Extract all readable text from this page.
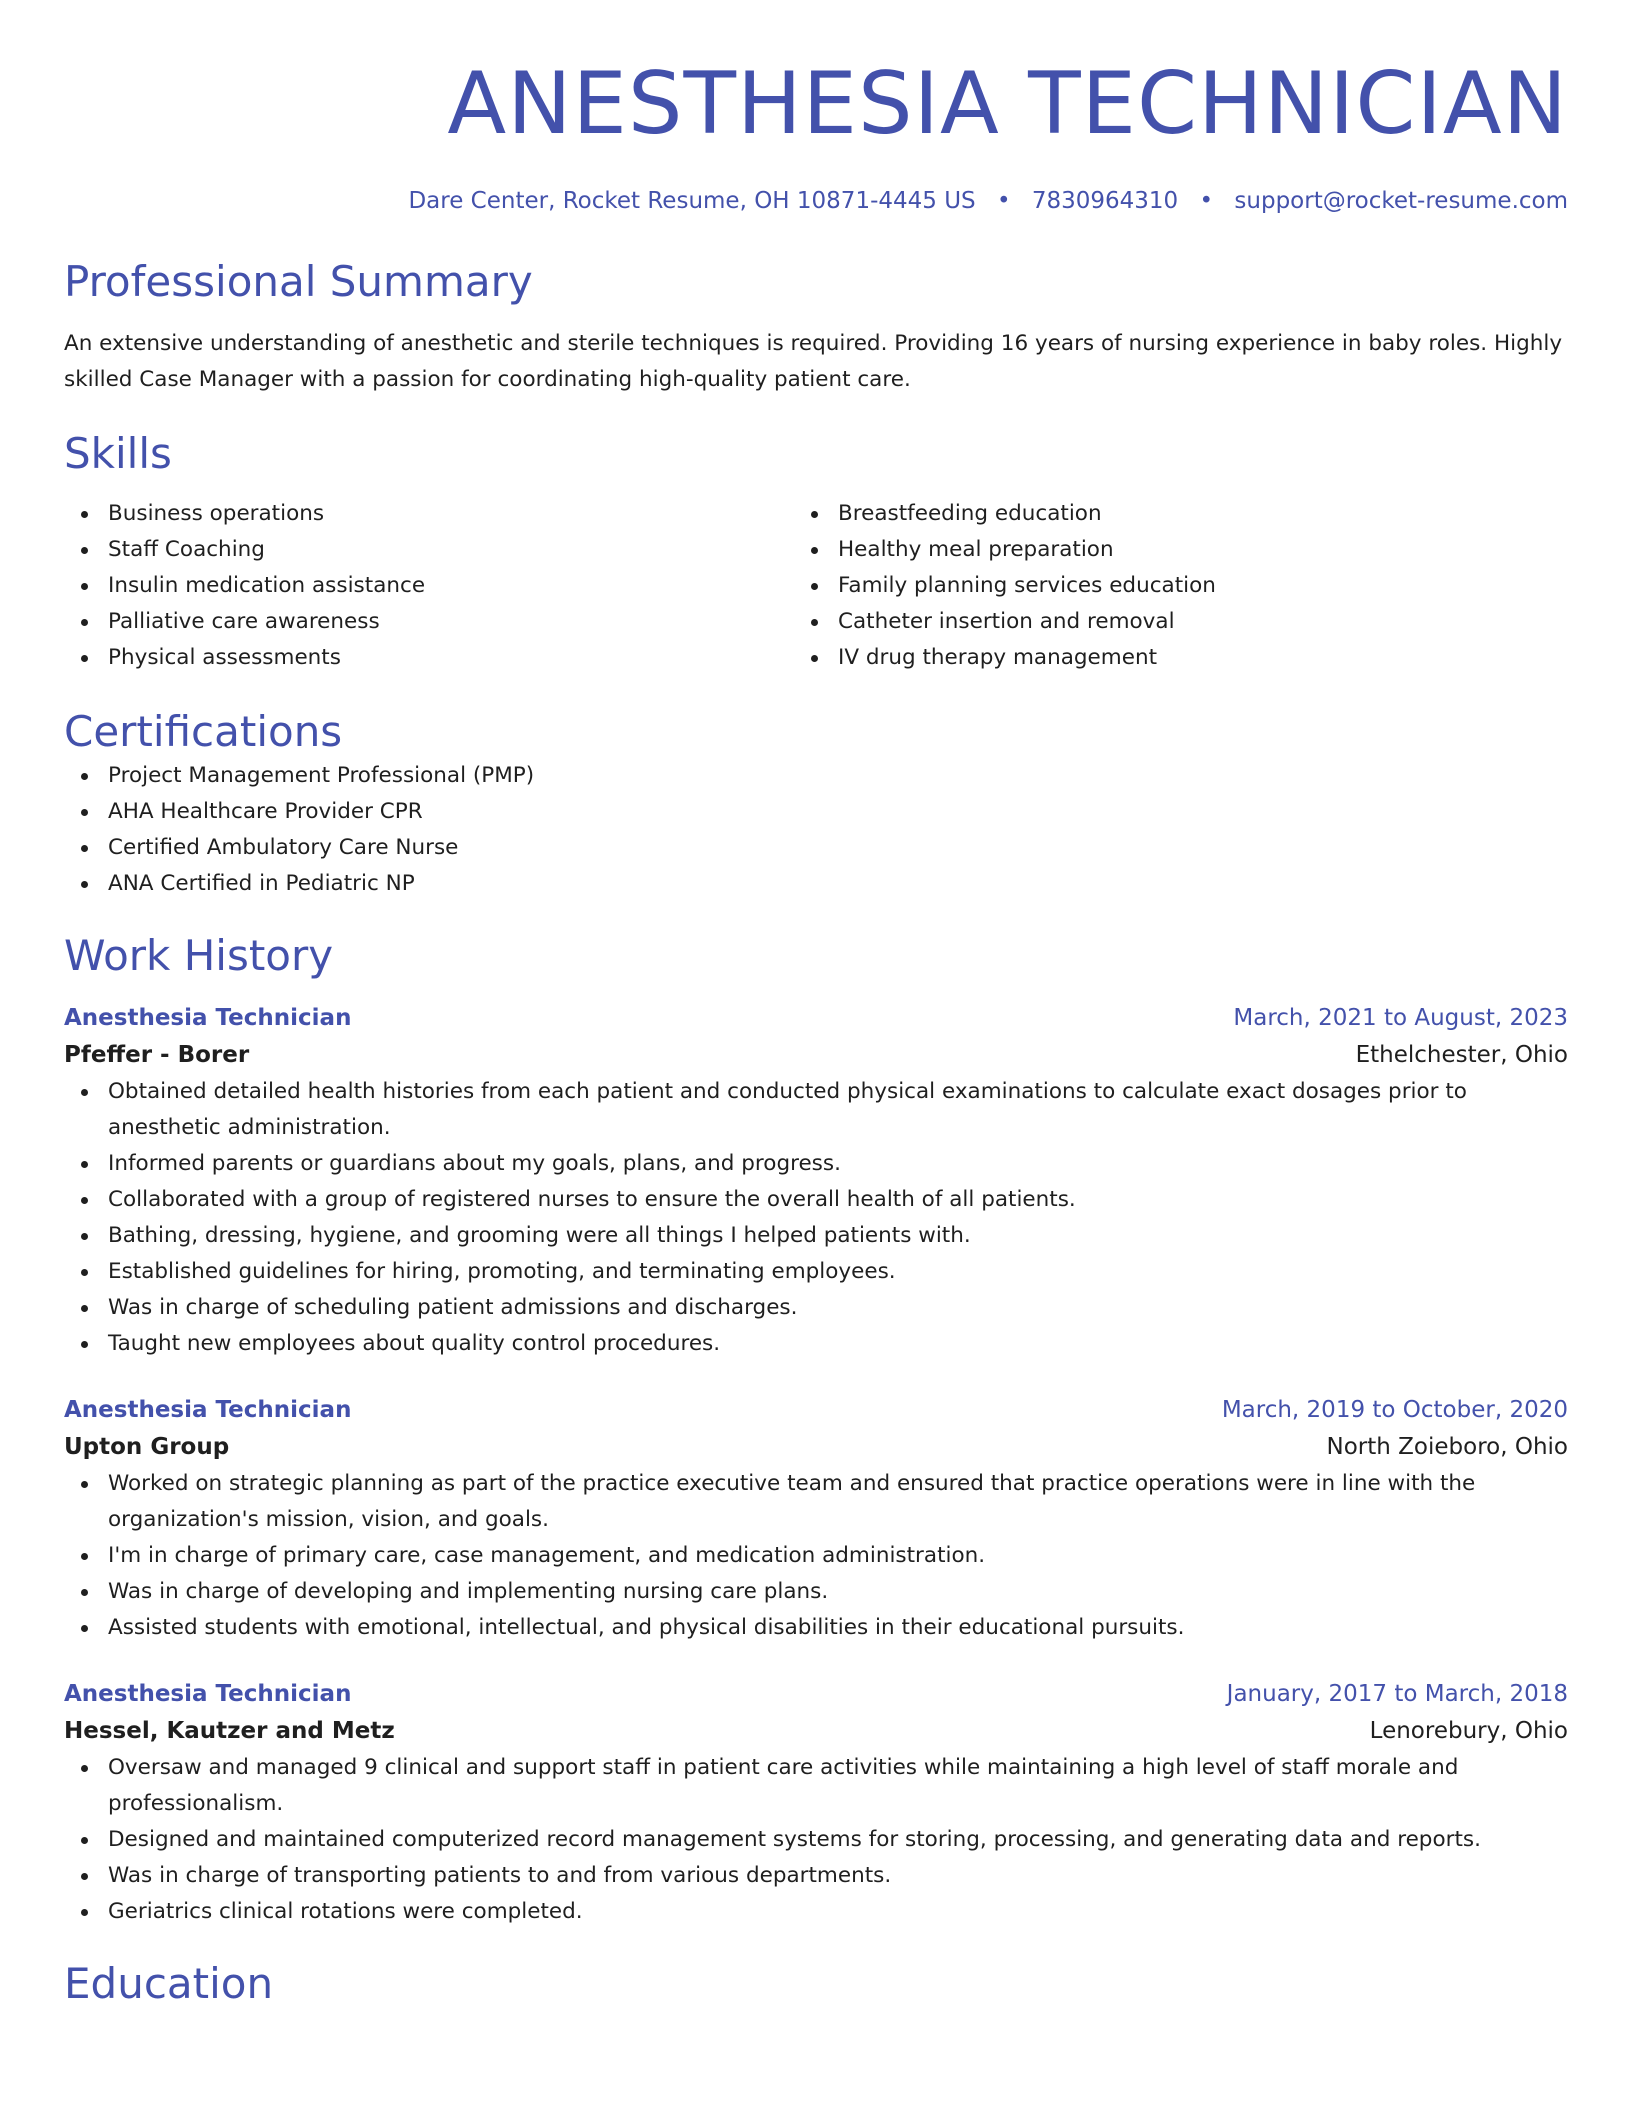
ANESTHESIA TECHNICIAN
Dare Center, Rocket Resume, OH 10871-4445 US • 7830964310 • support@rocket-resume.com
Professional Summary
An extensive understanding of anesthetic and sterile techniques is required. Providing 16 years of nursing experience in baby roles. Highly skilled Case Manager with a passion for coordinating high-quality patient care.
Skills
Business operations
Staff Coaching
Insulin medication assistance
Palliative care awareness
Physical assessments
Breastfeeding education
Healthy meal preparation
Family planning services education
Catheter insertion and removal
IV drug therapy management
Certifications
Project Management Professional (PMP)
AHA Healthcare Provider CPR
Certified Ambulatory Care Nurse
ANA Certified in Pediatric NP
Work History
Anesthesia Technician	March, 2021 to August, 2023
Pfeffer - Borer	Ethelchester, Ohio
Obtained detailed health histories from each patient and conducted physical examinations to calculate exact dosages prior to anesthetic administration.
Informed parents or guardians about my goals, plans, and progress.
Collaborated with a group of registered nurses to ensure the overall health of all patients.
Bathing, dressing, hygiene, and grooming were all things I helped patients with.
Established guidelines for hiring, promoting, and terminating employees.
Was in charge of scheduling patient admissions and discharges.
Taught new employees about quality control procedures.
Anesthesia Technician	March, 2019 to October, 2020
Upton Group	North Zoieboro, Ohio
Worked on strategic planning as part of the practice executive team and ensured that practice operations were in line with the organization's mission, vision, and goals.
I'm in charge of primary care, case management, and medication administration.
Was in charge of developing and implementing nursing care plans.
Assisted students with emotional, intellectual, and physical disabilities in their educational pursuits.
Anesthesia Technician	January, 2017 to March, 2018
Hessel, Kautzer and Metz	Lenorebury, Ohio
Oversaw and managed 9 clinical and support staff in patient care activities while maintaining a high level of staff morale and professionalism.
Designed and maintained computerized record management systems for storing, processing, and generating data and reports.
Was in charge of transporting patients to and from various departments.
Geriatrics clinical rotations were completed.
Education
